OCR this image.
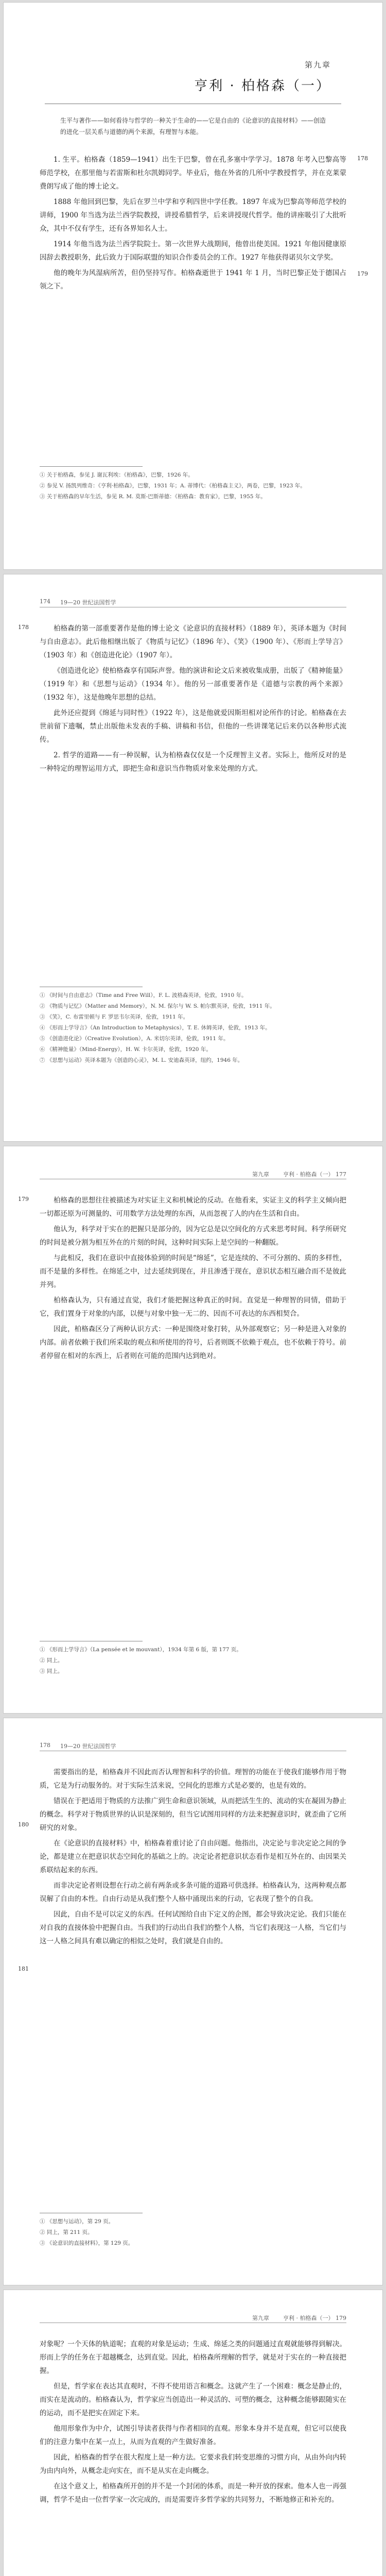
第九章
亨利 · 柏格森（一）
生平与著作——如何看待与哲学的一种关于生命的——它是自由的《论意识的直接材料》——创造的进化一层关系与道德的两个来源，有理智与本能。
178
179

1. 生平。柏格森（1859—1941）出生于巴黎，曾在孔多塞中学学习。1878 年考入巴黎高等师范学校，在那里他与若雷斯和杜尔凯姆同学。毕业后，他在外省的几所中学教授哲学，并在克莱蒙费朗写成了他的博士论文。

1888 年他回到巴黎，先后在罗兰中学和亨利四世中学任教。1897 年成为巴黎高等师范学校的讲师，1900 年当选为法兰西学院教授，讲授希腊哲学，后来讲授现代哲学。他的讲座吸引了大批听众，其中不仅有学生，还有各界知名人士。

1914 年他当选为法兰西学院院士。第一次世界大战期间，他曾出使美国。1921 年他因健康原因辞去教授职务，此后致力于国际联盟的知识合作委员会的工作。1927 年他获得诺贝尔文学奖。

他的晚年为风湿病所苦，但仍坚持写作。柏格森逝世于 1941 年 1 月，当时巴黎正处于德国占领之下。

① 关于柏格森，参见 J. 谢瓦利埃：《柏格森》，巴黎，1926 年。

② 参见 V. 扬凯列维奇：《亨利·柏格森》，巴黎，1931 年；A. 蒂博代：《柏格森主义》，两卷，巴黎，1923 年。

③ 关于柏格森的早年生活，参见 R. M. 莫斯-巴斯蒂德：《柏格森：教育家》，巴黎，1955 年。

174 19—20 世纪法国哲学
178	柏格森的第一部重要著作是他的博士论文《论意识的直接材料》（1889 年），英译本题为《时间与自由意志》。此后他相继出版了《物质与记忆》（1896 年）、《笑》（1900 年）、《形而上学导言》（1903 年）和《创造进化论》（1907 年）。

《创造进化论》使柏格森享有国际声誉。他的演讲和论文后来被收集成册，出版了《精神能量》（1919 年）和《思想与运动》（1934 年）。他的另一部重要著作是《道德与宗教的两个来源》（1932 年），这是他晚年思想的总结。

此外还应提到《绵延与同时性》（1922 年），这是他就爱因斯坦相对论所作的讨论。柏格森在去世前留下遗嘱，禁止出版他未发表的手稿、讲稿和书信，但他的一些讲课笔记后来仍以各种形式流传。

2. 哲学的道路——有一种误解，认为柏格森仅仅是一个反理智主义者。实际上，他所反对的是一种特定的理智运用方式，即把生命和意识当作物质对象来处理的方式。

① 《时间与自由意志》（Time and Free Will），F. L. 波格森英译，伦敦，1910 年。

② 《物质与记忆》（Matter and Memory），N. M. 保尔与 W. S. 帕尔默英译，伦敦，1911 年。

③ 《笑》，C. 布雷里顿与 F. 罗思韦尔英译，伦敦，1911 年。

④ 《形而上学导言》（An Introduction to Metaphysics），T. E. 休姆英译，伦敦，1913 年。

⑤ 《创造进化论》（Creative Evolution），A. 米切尔英译，伦敦，1911 年。

⑥ 《精神能量》（Mind-Energy），H. W. 卡尔英译，伦敦，1920 年。

⑦ 《思想与运动》英译本题为《创造的心灵》，M. L. 安迪森英译，纽约，1946 年。

第九章 亨利 · 柏格森（一） 177
179	柏格森的思想往往被描述为对实证主义和机械论的反动。在他看来，实证主义的科学主义倾向把一切都还原为可测量的、可用数学方法处理的东西，从而忽视了人的内在生活和自由。

他认为，科学对于实在的把握只是部分的，因为它总是以空间化的方式来思考时间。科学所研究的时间是被分割为相互外在的片刻的时间，这种时间实际上是空间的一种翻版。

与此相反，我们在意识中直接体验到的时间是“绵延”，它是连续的、不可分割的、质的多样性，而不是量的多样性。在绵延之中，过去延续到现在，并且渗透于现在，意识状态相互融合而不是彼此并列。

柏格森认为，只有通过直觉，我们才能把握这种真正的时间。直觉是一种理智的同情，借助于它，我们置身于对象的内部，以便与对象中独一无二的、因而不可表达的东西相契合。

因此，柏格森区分了两种认识方式：一种是围绕对象打转，从外部观察它；另一种是进入对象的内部。前者依赖于我们所采取的观点和所使用的符号，后者则既不依赖于观点，也不依赖于符号。前者停留在相对的东西上，后者则在可能的范围内达到绝对。

① 《形而上学导言》（La pensée et le mouvant），1934 年第 6 版，第 177 页。

② 同上。

③ 同上。

178 19—20 世纪法国哲学
180
181

需要指出的是，柏格森并不因此而否认理智和科学的价值。理智的功能在于使我们能够作用于物质，它是为行动服务的。对于实际生活来说，空间化的思维方式是必要的，也是有效的。

错误在于把适用于物质的方法推广到生命和意识领域，从而把活生生的、流动的实在凝固为静止的概念。科学对于物质世界的认识是深刻的，但当它试图用同样的方法来把握意识时，就歪曲了它所研究的对象。

在《论意识的直接材料》中，柏格森着重讨论了自由问题。他指出，决定论与非决定论之间的争论，都是建立在把意识状态空间化的基础之上的。决定论者把意识状态看作是相互外在的、由因果关系联结起来的东西。

而非决定论者则设想在行动之前有两条或多条可能的道路可供选择。柏格森认为，这两种观点都误解了自由的本性。自由行动是从我们整个人格中涌现出来的行动，它表现了整个的自我。

因此，自由不是可以定义的东西。任何试图给自由下定义的企图，都会导致决定论。我们只能在对自我的直接体验中把握自由。当我们的行动出自我们的整个人格，当它们表现这一人格，当它们与这一人格之间具有难以确定的相似之处时，我们就是自由的。

① 《思想与运动》，第 29 页。

② 同上，第 211 页。

③ 《论意识的直接材料》，第 129 页。

第九章 亨利 · 柏格森（一） 179

对象呢？一个天体的轨道呢；直观的对象是运动；生成、绵延之类的问题通过直观就能够得到解决。形而上学的任务在于超越概念，达到直觉。因此，柏格森所理解的哲学，就是对于实在的一种直接把握。

但是，哲学家在表达其直观时，不得不使用语言和概念。这就产生了一个困难：概念是静止的，而实在是流动的。柏格森认为，哲学家应当创造出一种灵活的、可塑的概念，这种概念能够跟随实在的运动，而不是把实在固定下来。

他用形象作为中介，试图引导读者获得与作者相同的直观。形象本身并不是直观，但它可以使我们的注意力集中在某一点上，从而为直观的产生做好准备。

因此，柏格森的哲学在很大程度上是一种方法。它要求我们转变思维的习惯方向，从由外向内转为由内向外，从概念走向实在，而不是从实在走向概念。

在这个意义上，柏格森所开创的并不是一个封闭的体系，而是一种开放的探索。他本人也一再强调，哲学不是由一位哲学家一次完成的，而是需要许多哲学家的共同努力，不断地修正和补充的。
